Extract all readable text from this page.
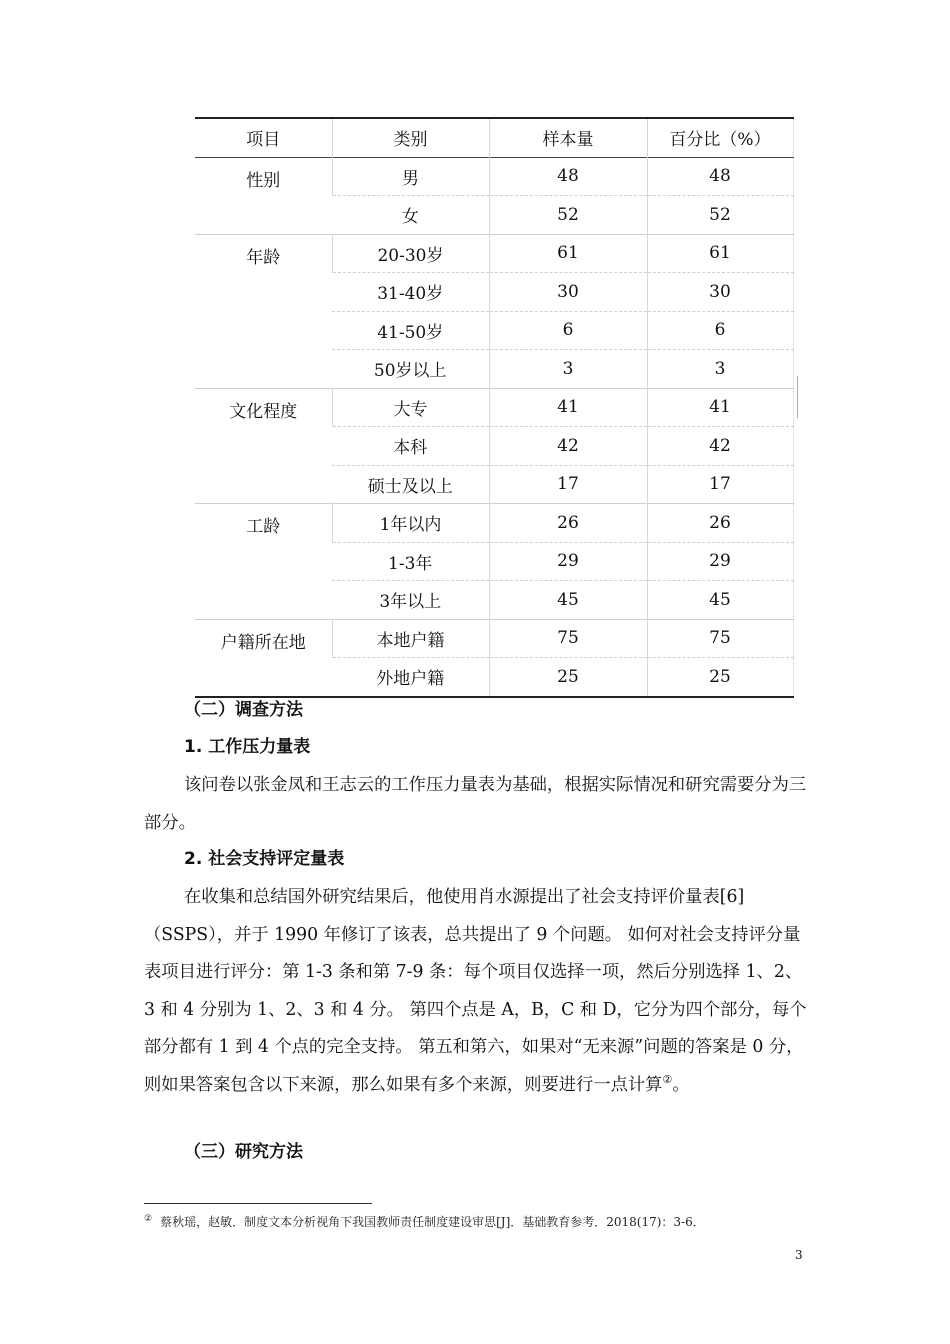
项目	类别	样本量	百分比（%）
性别	男	48	48
	女	52	52
年龄	20-30岁	61	61
	31-40岁	30	30
	41-50岁	6	6
	50岁以上	3	3
文化程度	大专	41	41
	本科	42	42
	硕士及以上	17	17
工龄	1年以内	26	26
	1-3年	29	29
	3年以上	45	45
户籍所在地	本地户籍	75	75
	外地户籍	25	25
（二）调查方法
1. 工作压力量表
该问卷以张金凤和王志云的工作压力量表为基础，根据实际情况和研究需要分为三部分。
2. 社会支持评定量表
在收集和总结国外研究结果后，他使用肖水源提出了社会支持评价量表[6]（SSPS），并于 1990 年修订了该表，总共提出了 9 个问题。 如何对社会支持评分量表项目进行评分：第 1-3 条和第 7-9 条：每个项目仅选择一项，然后分别选择 1、2、3 和 4 分别为 1、2、3 和 4 分。 第四个点是 A，B，C 和 D，它分为四个部分，每个部分都有 1 到 4 个点的完全支持。 第五和第六，如果对“无来源”问题的答案是 0 分，则如果答案包含以下来源，那么如果有多个来源，则要进行一点计算②。
（三）研究方法
② 蔡秋瑶，赵敏．制度文本分析视角下我国教师责任制度建设审思[J]．基础教育参考．2018(17)：3-6．
3
